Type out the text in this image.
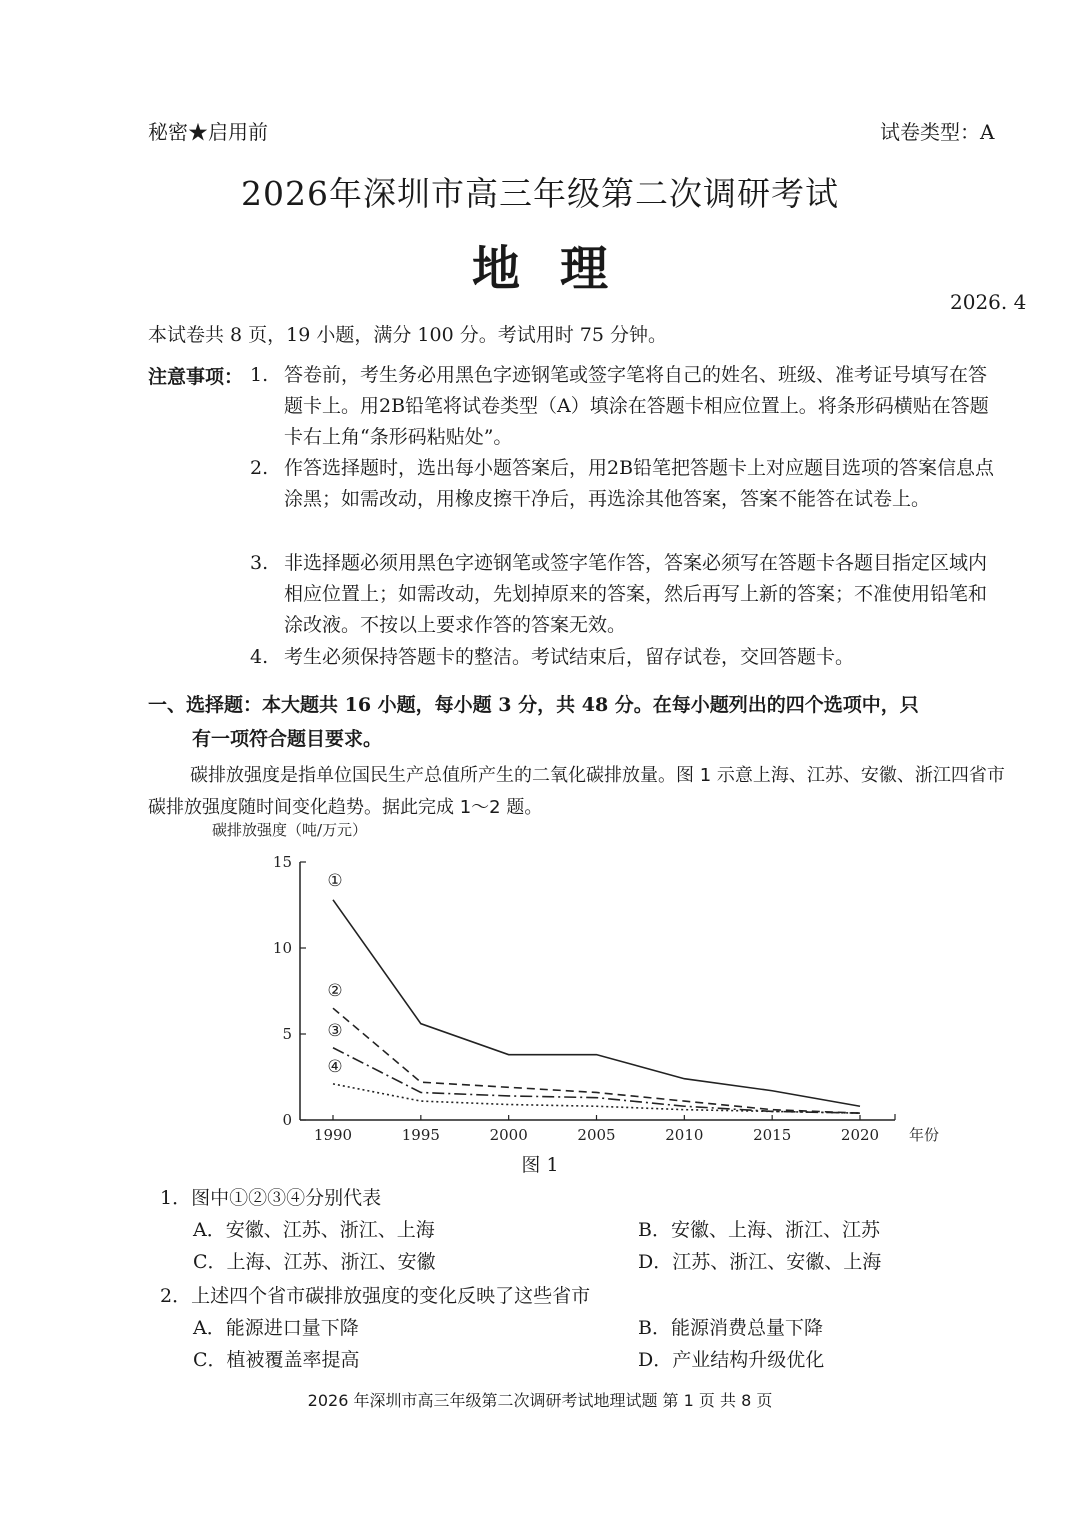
秘密★启用前	试卷类型：A
2026年深圳市高三年级第二次调研考试
地理
2026. 4
本试卷共 8 页，19 小题，满分 100 分。考试用时 75 分钟。
注意事项： 1. 答卷前，考生务必用黑色字迹钢笔或签字笔将自己的姓名、班级、准考证号填写在答题卡上。用2B铅笔将试卷类型（A）填涂在答题卡相应位置上。将条形码横贴在答题卡右上角“条形码粘贴处”。
2. 作答选择题时，选出每小题答案后，用2B铅笔把答题卡上对应题目选项的答案信息点涂黑；如需改动，用橡皮擦干净后，再选涂其他答案，答案不能答在试卷上。
3. 非选择题必须用黑色字迹钢笔或签字笔作答，答案必须写在答题卡各题目指定区域内相应位置上；如需改动，先划掉原来的答案，然后再写上新的答案；不准使用铅笔和涂改液。不按以上要求作答的答案无效。
4. 考生必须保持答题卡的整洁。考试结束后，留存试卷，交回答题卡。
一、选择题：本大题共 16 小题，每小题 3 分，共 48 分。在每小题列出的四个选项中，只
有一项符合题目要求。
碳排放强度是指单位国民生产总值所产生的二氧化碳排放量。图 1 示意上海、江苏、安徽、浙江四省市碳排放强度随时间变化趋势。据此完成 1～2 题。
碳排放强度（吨/万元）
0
5
10
15
1990	1995	2000	2005	2010	2015	2020 年份
①
②
③
④
图 1
1．图中①②③④分别代表
A．安徽、江苏、浙江、上海	B．安徽、上海、浙江、江苏
C．上海、江苏、浙江、安徽	D．江苏、浙江、安徽、上海
2．上述四个省市碳排放强度的变化反映了这些省市
A．能源进口量下降	B．能源消费总量下降
C．植被覆盖率提高	D．产业结构升级优化
2026 年深圳市高三年级第二次调研考试地理试题 第 1 页 共 8 页
